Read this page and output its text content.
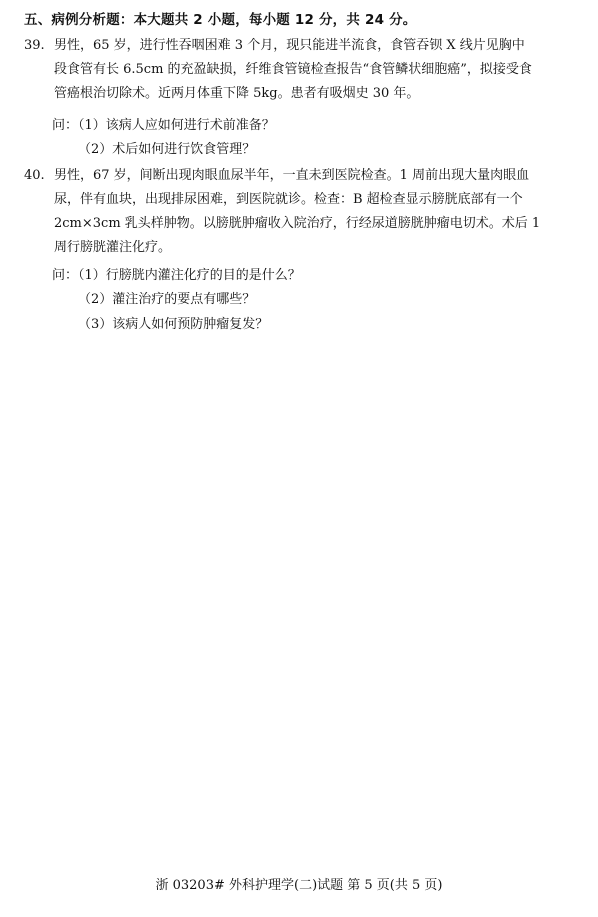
五、病例分析题：本大题共 2 小题，每小题 12 分，共 24 分。
39. 男性，65 岁，进行性吞咽困难 3 个月，现只能进半流食，食管吞钡 X 线片见胸中
段食管有长 6.5cm 的充盈缺损，纤维食管镜检查报告“食管鳞状细胞癌”，拟接受食
管癌根治切除术。近两月体重下降 5kg。患者有吸烟史 30 年。
问：（1）该病人应如何进行术前准备？
（2）术后如何进行饮食管理？
40. 男性，67 岁，间断出现肉眼血尿半年，一直未到医院检查。1 周前出现大量肉眼血
尿，伴有血块，出现排尿困难，到医院就诊。检查：B 超检查显示膀胱底部有一个
2cm×3cm 乳头样肿物。以膀胱肿瘤收入院治疗，行经尿道膀胱肿瘤电切术。术后 1
周行膀胱灌注化疗。
问：（1）行膀胱内灌注化疗的目的是什么？
（2）灌注治疗的要点有哪些？
（3）该病人如何预防肿瘤复发？
浙 03203# 外科护理学(二)试题 第 5 页(共 5 页)
